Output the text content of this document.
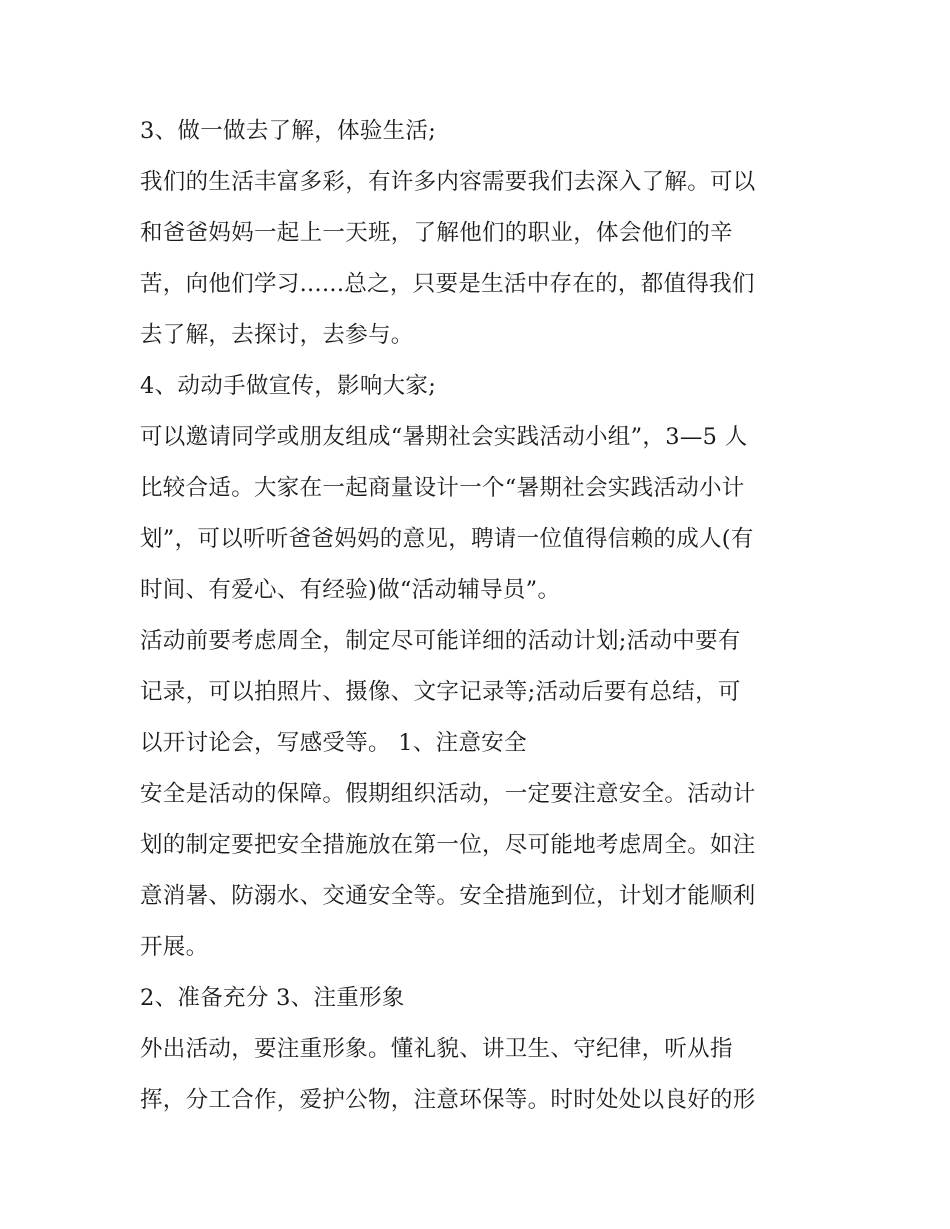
3、做一做去了解，体验生活;
我们的生活丰富多彩，有许多内容需要我们去深入了解。可以
和爸爸妈妈一起上一天班，了解他们的职业，体会他们的辛
苦，向他们学习......总之，只要是生活中存在的，都值得我们
去了解，去探讨，去参与。
4、动动手做宣传，影响大家;
可以邀请同学或朋友组成“暑期社会实践活动小组”，3—5 人
比较合适。大家在一起商量设计一个“暑期社会实践活动小计
划”，可以听听爸爸妈妈的意见，聘请一位值得信赖的成人(有
时间、有爱心、有经验)做“活动辅导员”。
活动前要考虑周全，制定尽可能详细的活动计划;活动中要有
记录，可以拍照片、摄像、文字记录等;活动后要有总结，可
以开讨论会，写感受等。 1、注意安全
安全是活动的保障。假期组织活动，一定要注意安全。活动计
划的制定要把安全措施放在第一位，尽可能地考虑周全。如注
意消暑、防溺水、交通安全等。安全措施到位，计划才能顺利
开展。
2、准备充分 3、注重形象
外出活动，要注重形象。懂礼貌、讲卫生、守纪律，听从指
挥，分工合作，爱护公物，注意环保等。时时处处以良好的形
